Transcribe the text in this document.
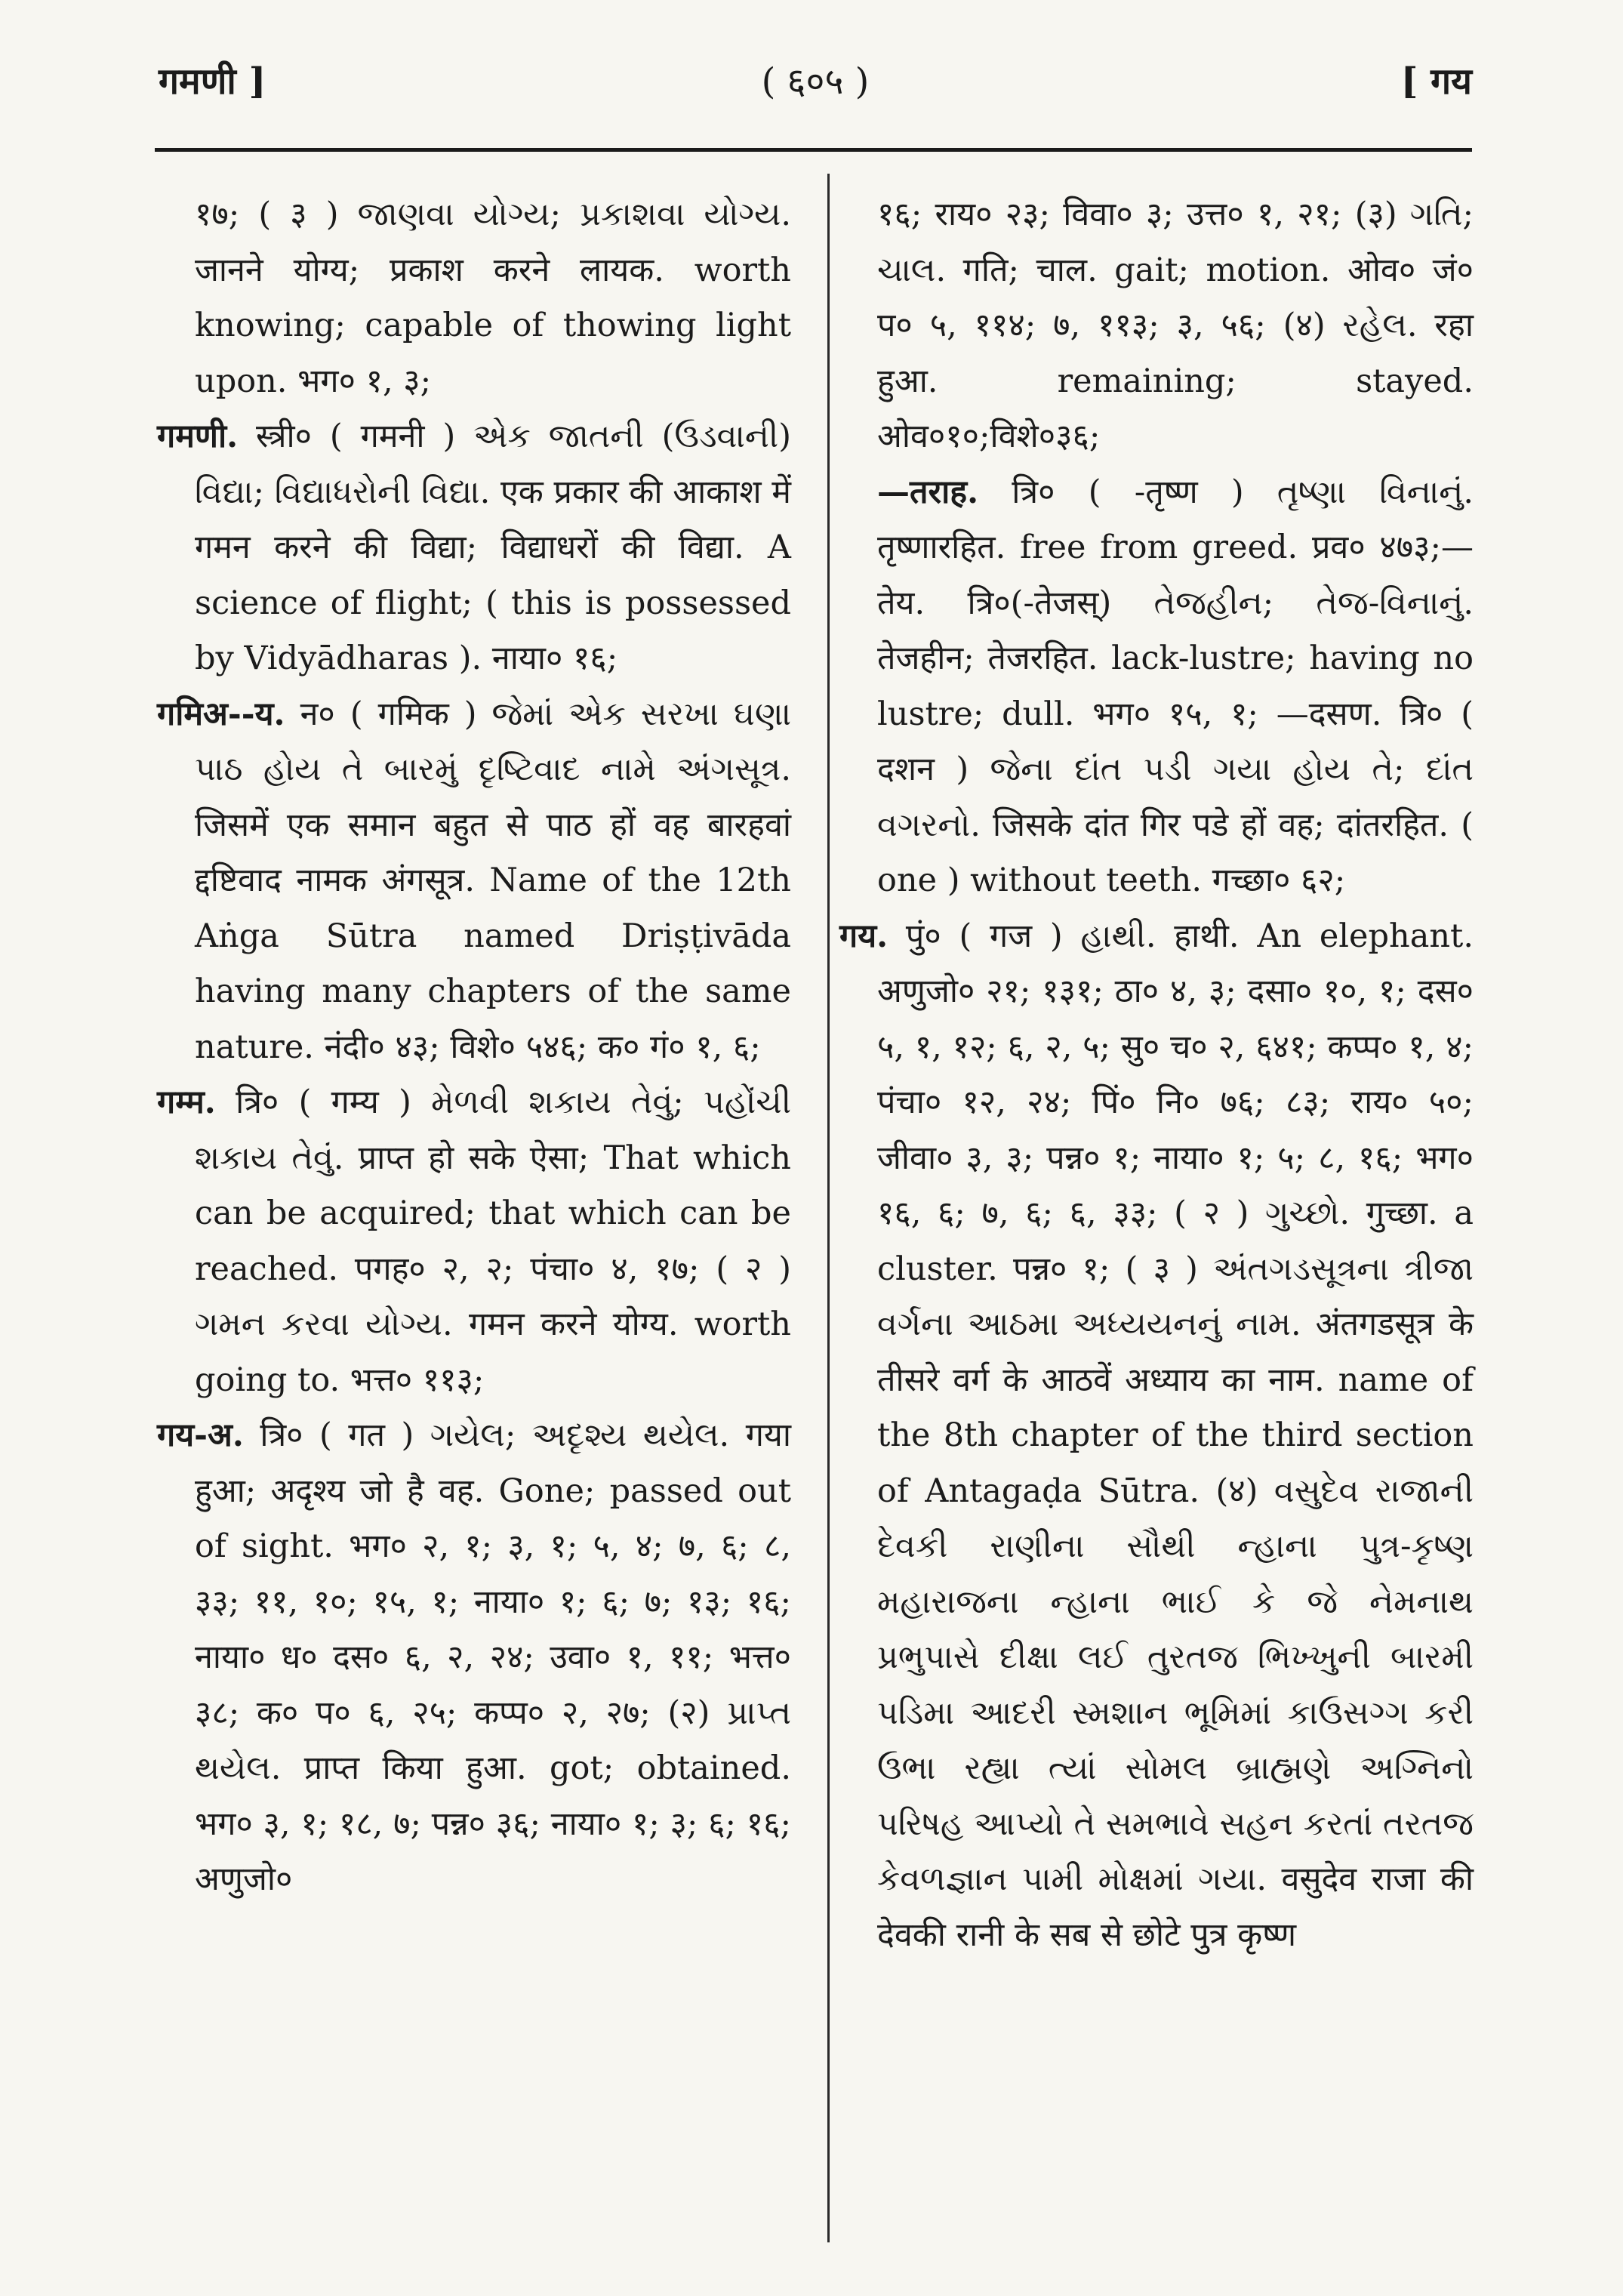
गमणी ]	( ६०५ )	[ गय

१७; ( ३ ) જાણવા યોગ્ય; પ્રકાશવા યોગ્ય. जानने योग्य; प्रकाश करने लायक. worth knowing; capable of thowing light upon. भग० १, ३;

गमणी. स्त्री० ( गमनी ) એક જાતની (ઉડવાની) વિદ્યા; વિદ્યાધરોની વિદ્યા. एक प्रकार की आकाश में गमन करने की विद्या; विद्याधरों की विद्या. A science of flight; ( this is possessed by Vidyādharas ). नाया० १६;

गमिअ--य. न० ( गमिक ) જેમાં એક સરખા ઘણા પાઠ હોય તે બારમું દૃષ્ટિવાદ નામે અંગસૂત્ર. जिसमें एक समान बहुत से पाठ हों वह बारहवां द्दष्टिवाद नामक अंगसूत्र. Name of the 12th Aṅga Sūtra named Driṣṭivāda having many chapters of the same nature. नंदी० ४३; विशे० ५४६; क० गं० १, ६;

गम्म. त्रि० ( गम्य ) મેળવી શકાય તેવું; પહોંચી શકાય તેવું. प्राप्त हो सके ऐसा; That which can be acquired; that which can be reached. पगह० २, २; पंचा० ४, १७; ( २ ) ગમન કરવા યોગ્ય. गमन करने योग्य. worth going to. भत्त० ११३;

गय-अ. त्रि० ( गत ) ગયેલ; અદૃશ્ય થયેલ. गया हुआ; अदृश्य जो है वह. Gone; passed out of sight. भग० २, १; ३, १; ५, ४; ७, ६; ८, ३३; ११, १०; १५, १; नाया० १; ६; ७; १३; १६; नाया० ध० दस० ६, २, २४; उवा० १, ११; भत्त० ३८; क० प० ६, २५; कप्प० २, २७; (२) પ્રાપ્ત થયેલ. प्राप्त किया हुआ. got; obtained. भग० ३, १; १८, ७; पन्न० ३६; नाया० १; ३; ६; १६; अणुजो०

१६; राय० २३; विवा० ३; उत्त० १, २१; (३) ગતિ; ચાલ. गति; चाल. gait; motion. ओव० जं० प० ५, ११४; ७, ११३; ३, ५६; (४) રહેલ. रहा हुआ. remaining; stayed. ओव०१०;विशे०३६;

—तराह. त्रि० ( -तृष्ण ) તૃષ્ણા વિનાનું. तृष्णारहित. free from greed. प्रव० ४७३;—तेय. त्रि०(-तेजस्) તેજહીન; તેજ-વિનાનું. तेजहीन; तेजरहित. lack-lustre; having no lustre; dull. भग० १५, १; —दसण. त्रि० ( दशन ) જેના દાંત પડી ગયા હોય તે; દાંત વગરનો. जिसके दांत गिर पडे हों वह; दांतरहित. ( one ) without teeth. गच्छा० ६२;

गय. पुं० ( गज ) હાથી. हाथी. An elephant. अणुजो० २१; १३१; ठा० ४, ३; दसा० १०, १; दस० ५, १, १२; ६, २, ५; सु० च० २, ६४१; कप्प० १, ४; पंचा० १२, २४; पिं० नि० ७६; ८३; राय० ५०; जीवा० ३, ३; पन्न० १; नाया० १; ५; ८, १६; भग० १६, ६; ७, ६; ६, ३३; ( २ ) ગુચ્છો. गुच्छा. a cluster. पन्न० १; ( ३ ) અંતગડસૂત્રના ત્રીજા વર્ગના આઠમા અધ્યયનનું નામ. अंतगडसूत्र के तीसरे वर्ग के आठवें अध्याय का नाम. name of the 8th chapter of the third section of Antagaḍa Sūtra. (४) વસુદેવ રાજાની દેવકી રાણીના સૌથી ન્હાના પુત્ર-કૃષ્ણ મહારાજના ન્હાના ભાઈ કે જે નેમનાથ પ્રભુપાસે દીક્ષા લઈ તુરતજ ભિખ્ખુની બારમી પડિમા આદરી સ્મશાન ભૂમિમાં કાઉસગ્ગ કરી ઉભા રહ્યા ત્યાં સોમલ બ્રાહ્મણે અગ્નિનો પરિષહ આપ્યો તે સમભાવે સહન કરતાં તરતજ કેવળજ્ઞાન પામી મોક્ષમાં ગયા. वसुदेव राजा की देवकी रानी के सब से छोटे पुत्र कृष्ण
